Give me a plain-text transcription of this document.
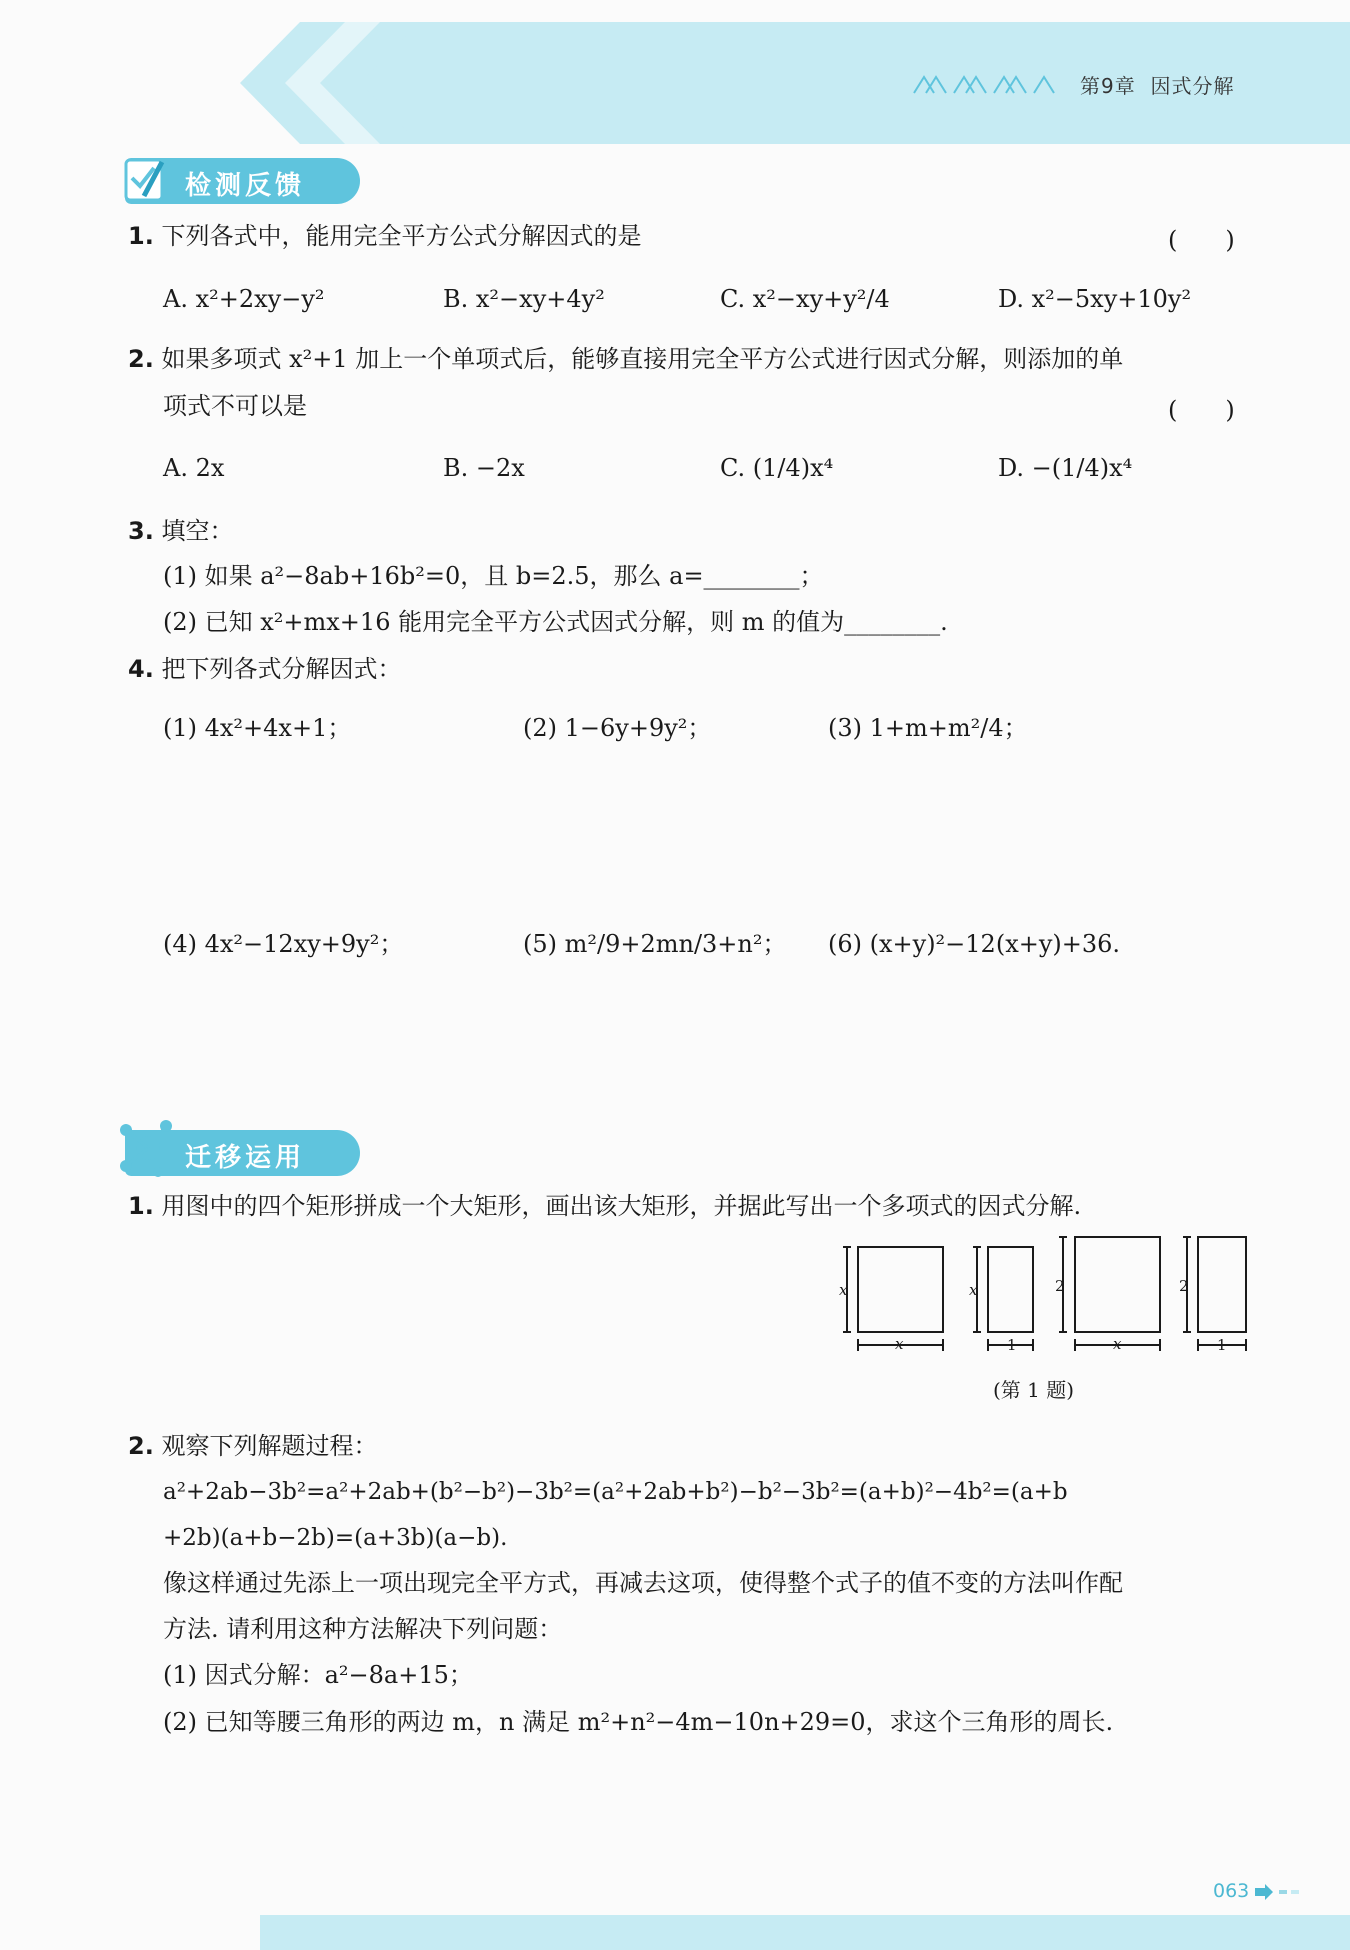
第9章 因式分解
检测反馈
1. 下列各式中，能用完全平方公式分解因式的是	(　　)
A. x²+2xy−y²	B. x²−xy+4y²	C. x²−xy+y²/4	D. x²−5xy+10y²
2. 如果多项式 x²+1 加上一个单项式后，能够直接用完全平方公式进行因式分解，则添加的单
项式不可以是	(　　)
A. 2x	B. −2x	C. (1/4)x⁴	D. −(1/4)x⁴
3. 填空：
(1) 如果 a²−8ab+16b²=0，且 b=2.5，那么 a=________；
(2) 已知 x²+mx+16 能用完全平方公式因式分解，则 m 的值为________.
4. 把下列各式分解因式：
(1) 4x²+4x+1；	(2) 1−6y+9y²；	(3) 1+m+m²/4；
(4) 4x²−12xy+9y²；	(5) m²/9+2mn/3+n²； (6) (x+y)²−12(x+y)+36.
迁移运用
1. 用图中的四个矩形拼成一个大矩形，画出该大矩形，并据此写出一个多项式的因式分解.
x
x
x
x
1
2	2
1
(第 1 题)
2. 观察下列解题过程：
a²+2ab−3b²=a²+2ab+(b²−b²)−3b²=(a²+2ab+b²)−b²−3b²=(a+b)²−4b²=(a+b
+2b)(a+b−2b)=(a+3b)(a−b).
像这样通过先添上一项出现完全平方式，再减去这项，使得整个式子的值不变的方法叫作配
方法. 请利用这种方法解决下列问题：
(1) 因式分解：a²−8a+15；
(2) 已知等腰三角形的两边 m，n 满足 m²+n²−4m−10n+29=0，求这个三角形的周长.
063
